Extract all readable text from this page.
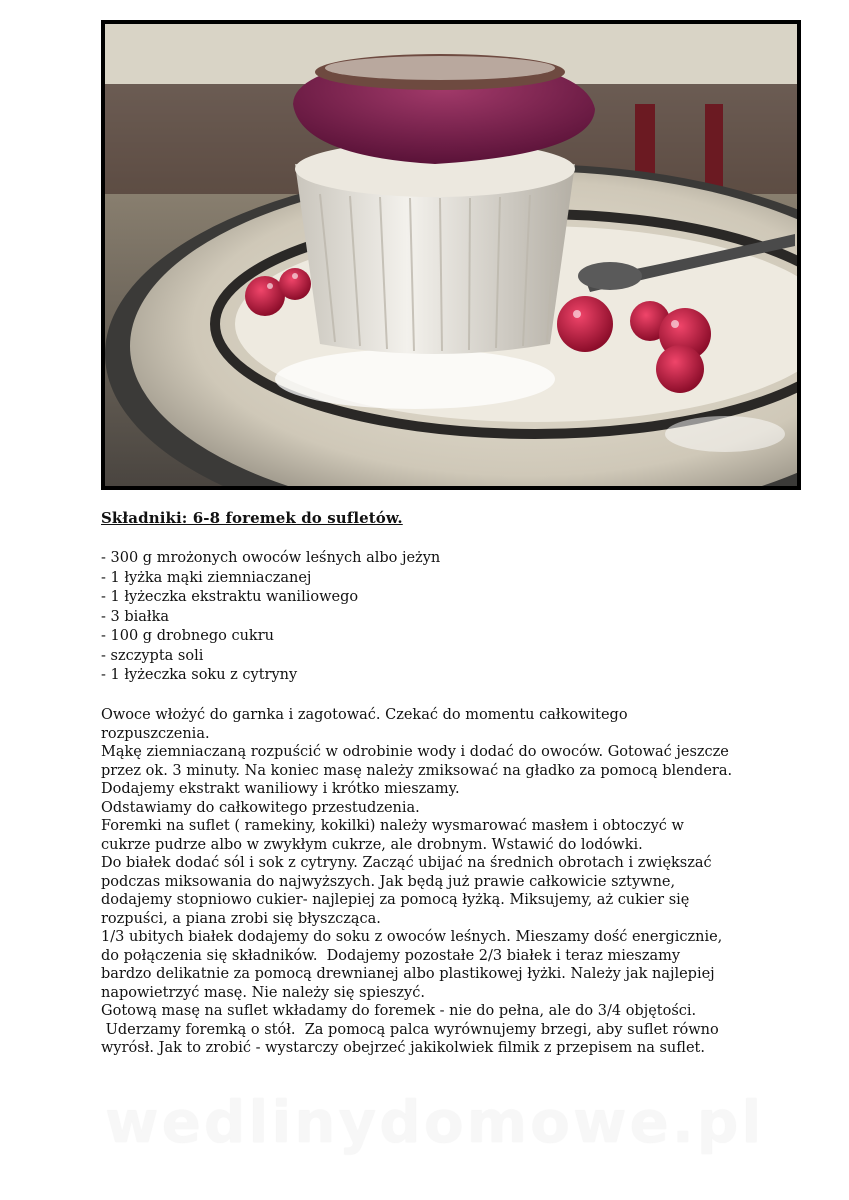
Składniki: 6-8 foremek do sufletów.
- 300 g mrożonych owoców leśnych albo jeżyn
- 1 łyżka mąki ziemniaczanej
- 1 łyżeczka ekstraktu waniliowego
- 3 białka
- 100 g drobnego cukru
- szczypta soli
- 1 łyżeczka soku z cytryny

Owoce włożyć do garnka i zagotować. Czekać do momentu całkowitego

rozpuszczenia.

Mąkę ziemniaczaną rozpuścić w odrobinie wody i dodać do owoców. Gotować jeszcze

przez ok. 3 minuty. Na koniec masę należy zmiksować na gładko za pomocą blendera.

Dodajemy ekstrakt waniliowy i krótko mieszamy.

Odstawiamy do całkowitego przestudzenia.

Foremki na suflet ( ramekiny, kokilki) należy wysmarować masłem i obtoczyć w

cukrze pudrze albo w zwykłym cukrze, ale drobnym. Wstawić do lodówki.

Do białek dodać sól i sok z cytryny. Zacząć ubijać na średnich obrotach i zwiększać

podczas miksowania do najwyższych. Jak będą już prawie całkowicie sztywne,

dodajemy stopniowo cukier- najlepiej za pomocą łyżką. Miksujemy, aż cukier się

rozpuści, a piana zrobi się błyszcząca.

1/3 ubitych białek dodajemy do soku z owoców leśnych. Mieszamy dość energicznie,

do połączenia się składników.  Dodajemy pozostałe 2/3 białek i teraz mieszamy

bardzo delikatnie za pomocą drewnianej albo plastikowej łyżki. Należy jak najlepiej

napowietrzyć masę. Nie należy się spieszyć.

Gotową masę na suflet wkładamy do foremek - nie do pełna, ale do 3/4 objętości.

Uderzamy foremką o stół.  Za pomocą palca wyrównujemy brzegi, aby suflet równo

wyrósł. Jak to zrobić - wystarczy obejrzeć jakikolwiek filmik z przepisem na suflet.

wedlinydomowe.pl
